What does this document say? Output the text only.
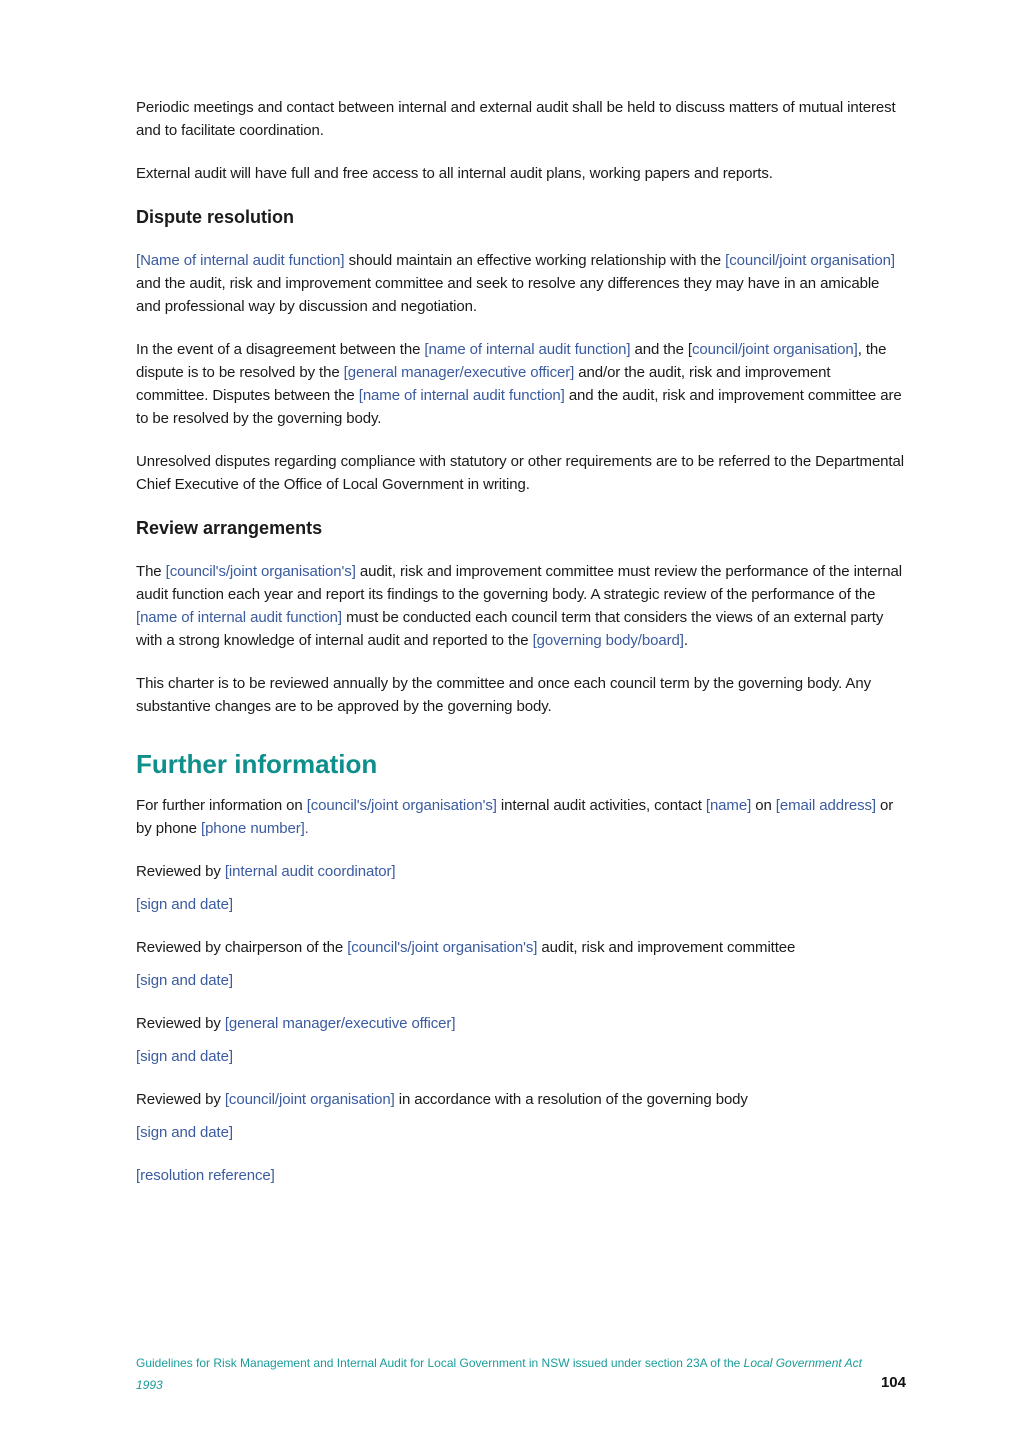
Periodic meetings and contact between internal and external audit shall be held to discuss matters of mutual interest and to facilitate coordination.

External audit will have full and free access to all internal audit plans, working papers and reports.

Dispute resolution

[Name of internal audit function] should maintain an effective working relationship with the [council/joint organisation] and the audit, risk and improvement committee and seek to resolve any differences they may have in an amicable and professional way by discussion and negotiation.

In the event of a disagreement between the [name of internal audit function] and the [council/joint organisation], the dispute is to be resolved by the [general manager/executive officer] and/or the audit, risk and improvement committee. Disputes between the [name of internal audit function] and the audit, risk and improvement committee are to be resolved by the governing body.

Unresolved disputes regarding compliance with statutory or other requirements are to be referred to the Departmental Chief Executive of the Office of Local Government in writing.

Review arrangements

The [council's/joint organisation's] audit, risk and improvement committee must review the performance of the internal audit function each year and report its findings to the governing body. A strategic review of the performance of the [name of internal audit function] must be conducted each council term that considers the views of an external party with a strong knowledge of internal audit and reported to the [governing body/board].

This charter is to be reviewed annually by the committee and once each council term by the governing body. Any substantive changes are to be approved by the governing body.

Further information

For further information on [council's/joint organisation's] internal audit activities, contact [name] on [email address] or by phone [phone number].

Reviewed by [internal audit coordinator]

[sign and date]

Reviewed by chairperson of the [council's/joint organisation's] audit, risk and improvement committee

[sign and date]

Reviewed by [general manager/executive officer]

[sign and date]

Reviewed by [council/joint organisation] in accordance with a resolution of the governing body

[sign and date]

[resolution reference]

Guidelines for Risk Management and Internal Audit for Local Government in NSW issued under section 23A of the Local Government Act 1993	104
